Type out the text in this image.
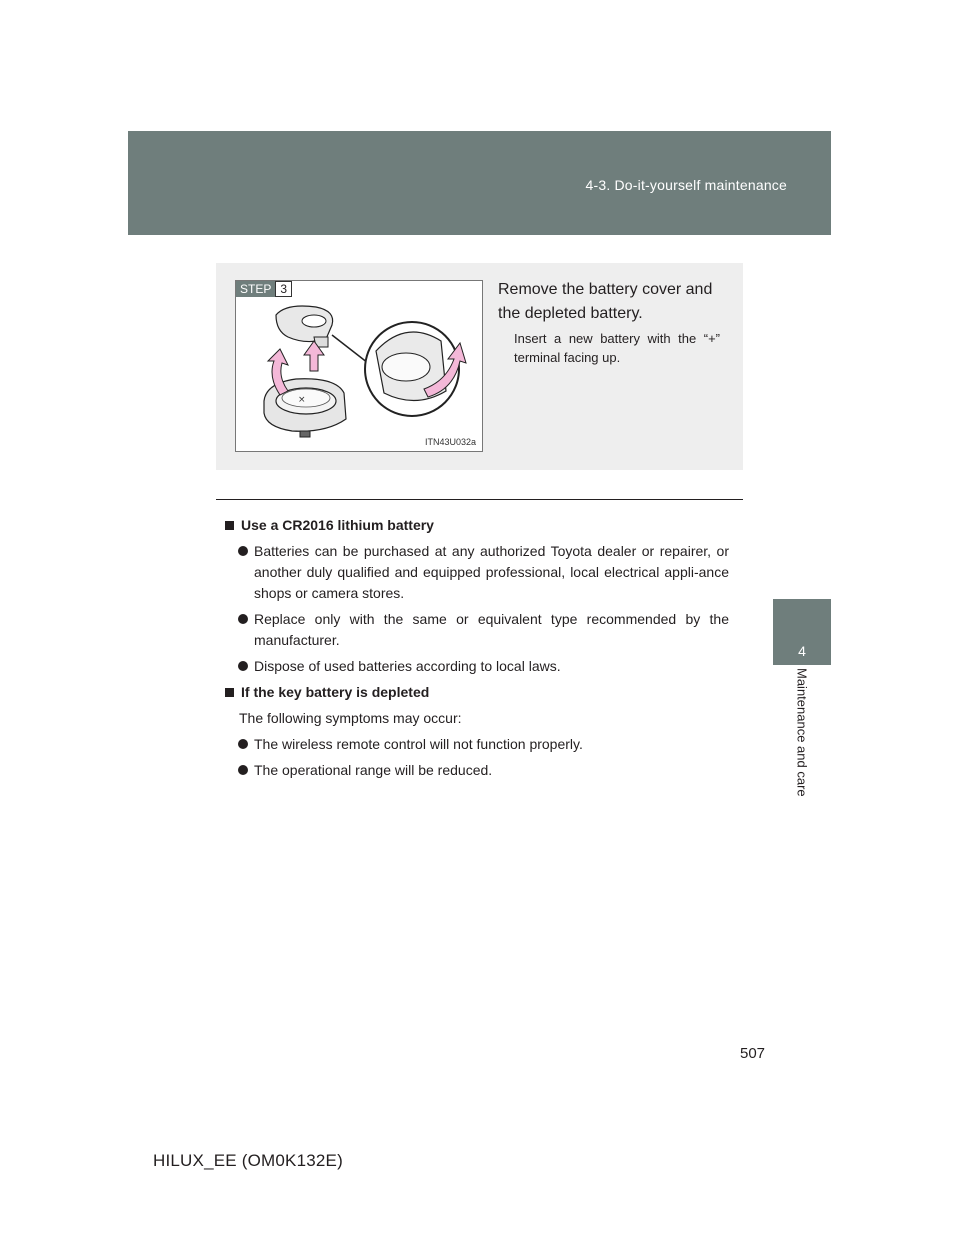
4-3. Do-it-yourself maintenance
4
Maintenance and care
STEP 3
×
ITN43U032a
Remove the battery cover and the depleted battery.
Insert a new battery with the “+” terminal facing up.
Use a CR2016 lithium battery
Batteries can be purchased at any authorized Toyota dealer or repairer, or another duly qualified and equipped professional, local electrical appli-ance shops or camera stores.
Replace only with the same or equivalent type recommended by the manufacturer.
Dispose of used batteries according to local laws.
If the key battery is depleted
The following symptoms may occur:
The wireless remote control will not function properly.
The operational range will be reduced.
507
HILUX_EE (OM0K132E)
